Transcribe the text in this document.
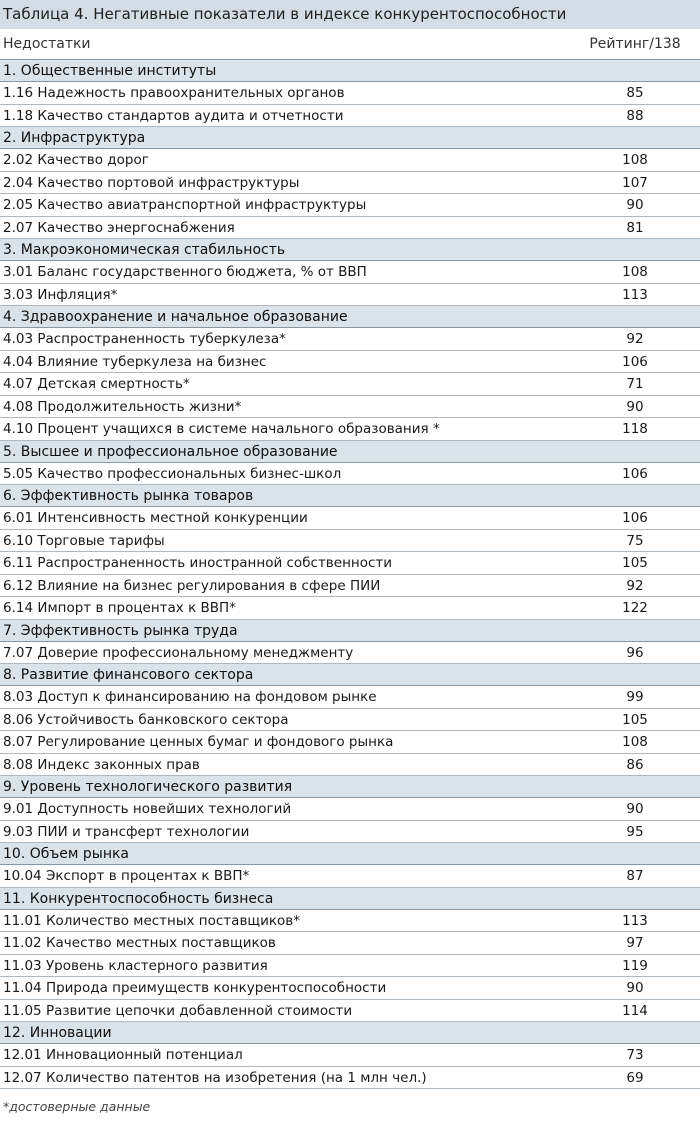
Таблица 4. Негативные показатели в индексе конкурентоспособности
Недостатки	Рейтинг/138
1. Общественные институты
1.16 Надежность правоохранительных органов	85
1.18 Качество стандартов аудита и отчетности	88
2. Инфраструктура
2.02 Качество дорог	108
2.04 Качество портовой инфраструктуры	107
2.05 Качество авиатранспортной инфраструктуры	90
2.07 Качество энергоснабжения	81
3. Макроэкономическая стабильность
3.01 Баланс государственного бюджета, % от ВВП	108
3.03 Инфляция*	113
4. Здравоохранение и начальное образование
4.03 Распространенность туберкулеза*	92
4.04 Влияние туберкулеза на бизнес	106
4.07 Детская смертность*	71
4.08 Продолжительность жизни*	90
4.10 Процент учащихся в системе начального образования *	118
5. Высшее и профессиональное образование
5.05 Качество профессиональных бизнес-школ	106
6. Эффективность рынка товаров
6.01 Интенсивность местной конкуренции	106
6.10 Торговые тарифы	75
6.11 Распространенность иностранной собственности	105
6.12 Влияние на бизнес регулирования в сфере ПИИ	92
6.14 Импорт в процентах к ВВП*	122
7. Эффективность рынка труда
7.07 Доверие профессиональному менеджменту	96
8. Развитие финансового сектора
8.03 Доступ к финансированию на фондовом рынке	99
8.06 Устойчивость банковского сектора	105
8.07 Регулирование ценных бумаг и фондового рынка	108
8.08 Индекс законных прав	86
9. Уровень технологического развития
9.01 Доступность новейших технологий	90
9.03 ПИИ и трансферт технологии	95
10. Объем рынка
10.04 Экспорт в процентах к ВВП*	87
11. Конкурентоспособность бизнеса
11.01 Количество местных поставщиков*	113
11.02 Качество местных поставщиков	97
11.03 Уровень кластерного развития	119
11.04 Природа преимуществ конкурентоспособности	90
11.05 Развитие цепочки добавленной стоимости	114
12. Инновации
12.01 Инновационный потенциал	73
12.07 Количество патентов на изобретения (на 1 млн чел.)	69
*достоверные данные
